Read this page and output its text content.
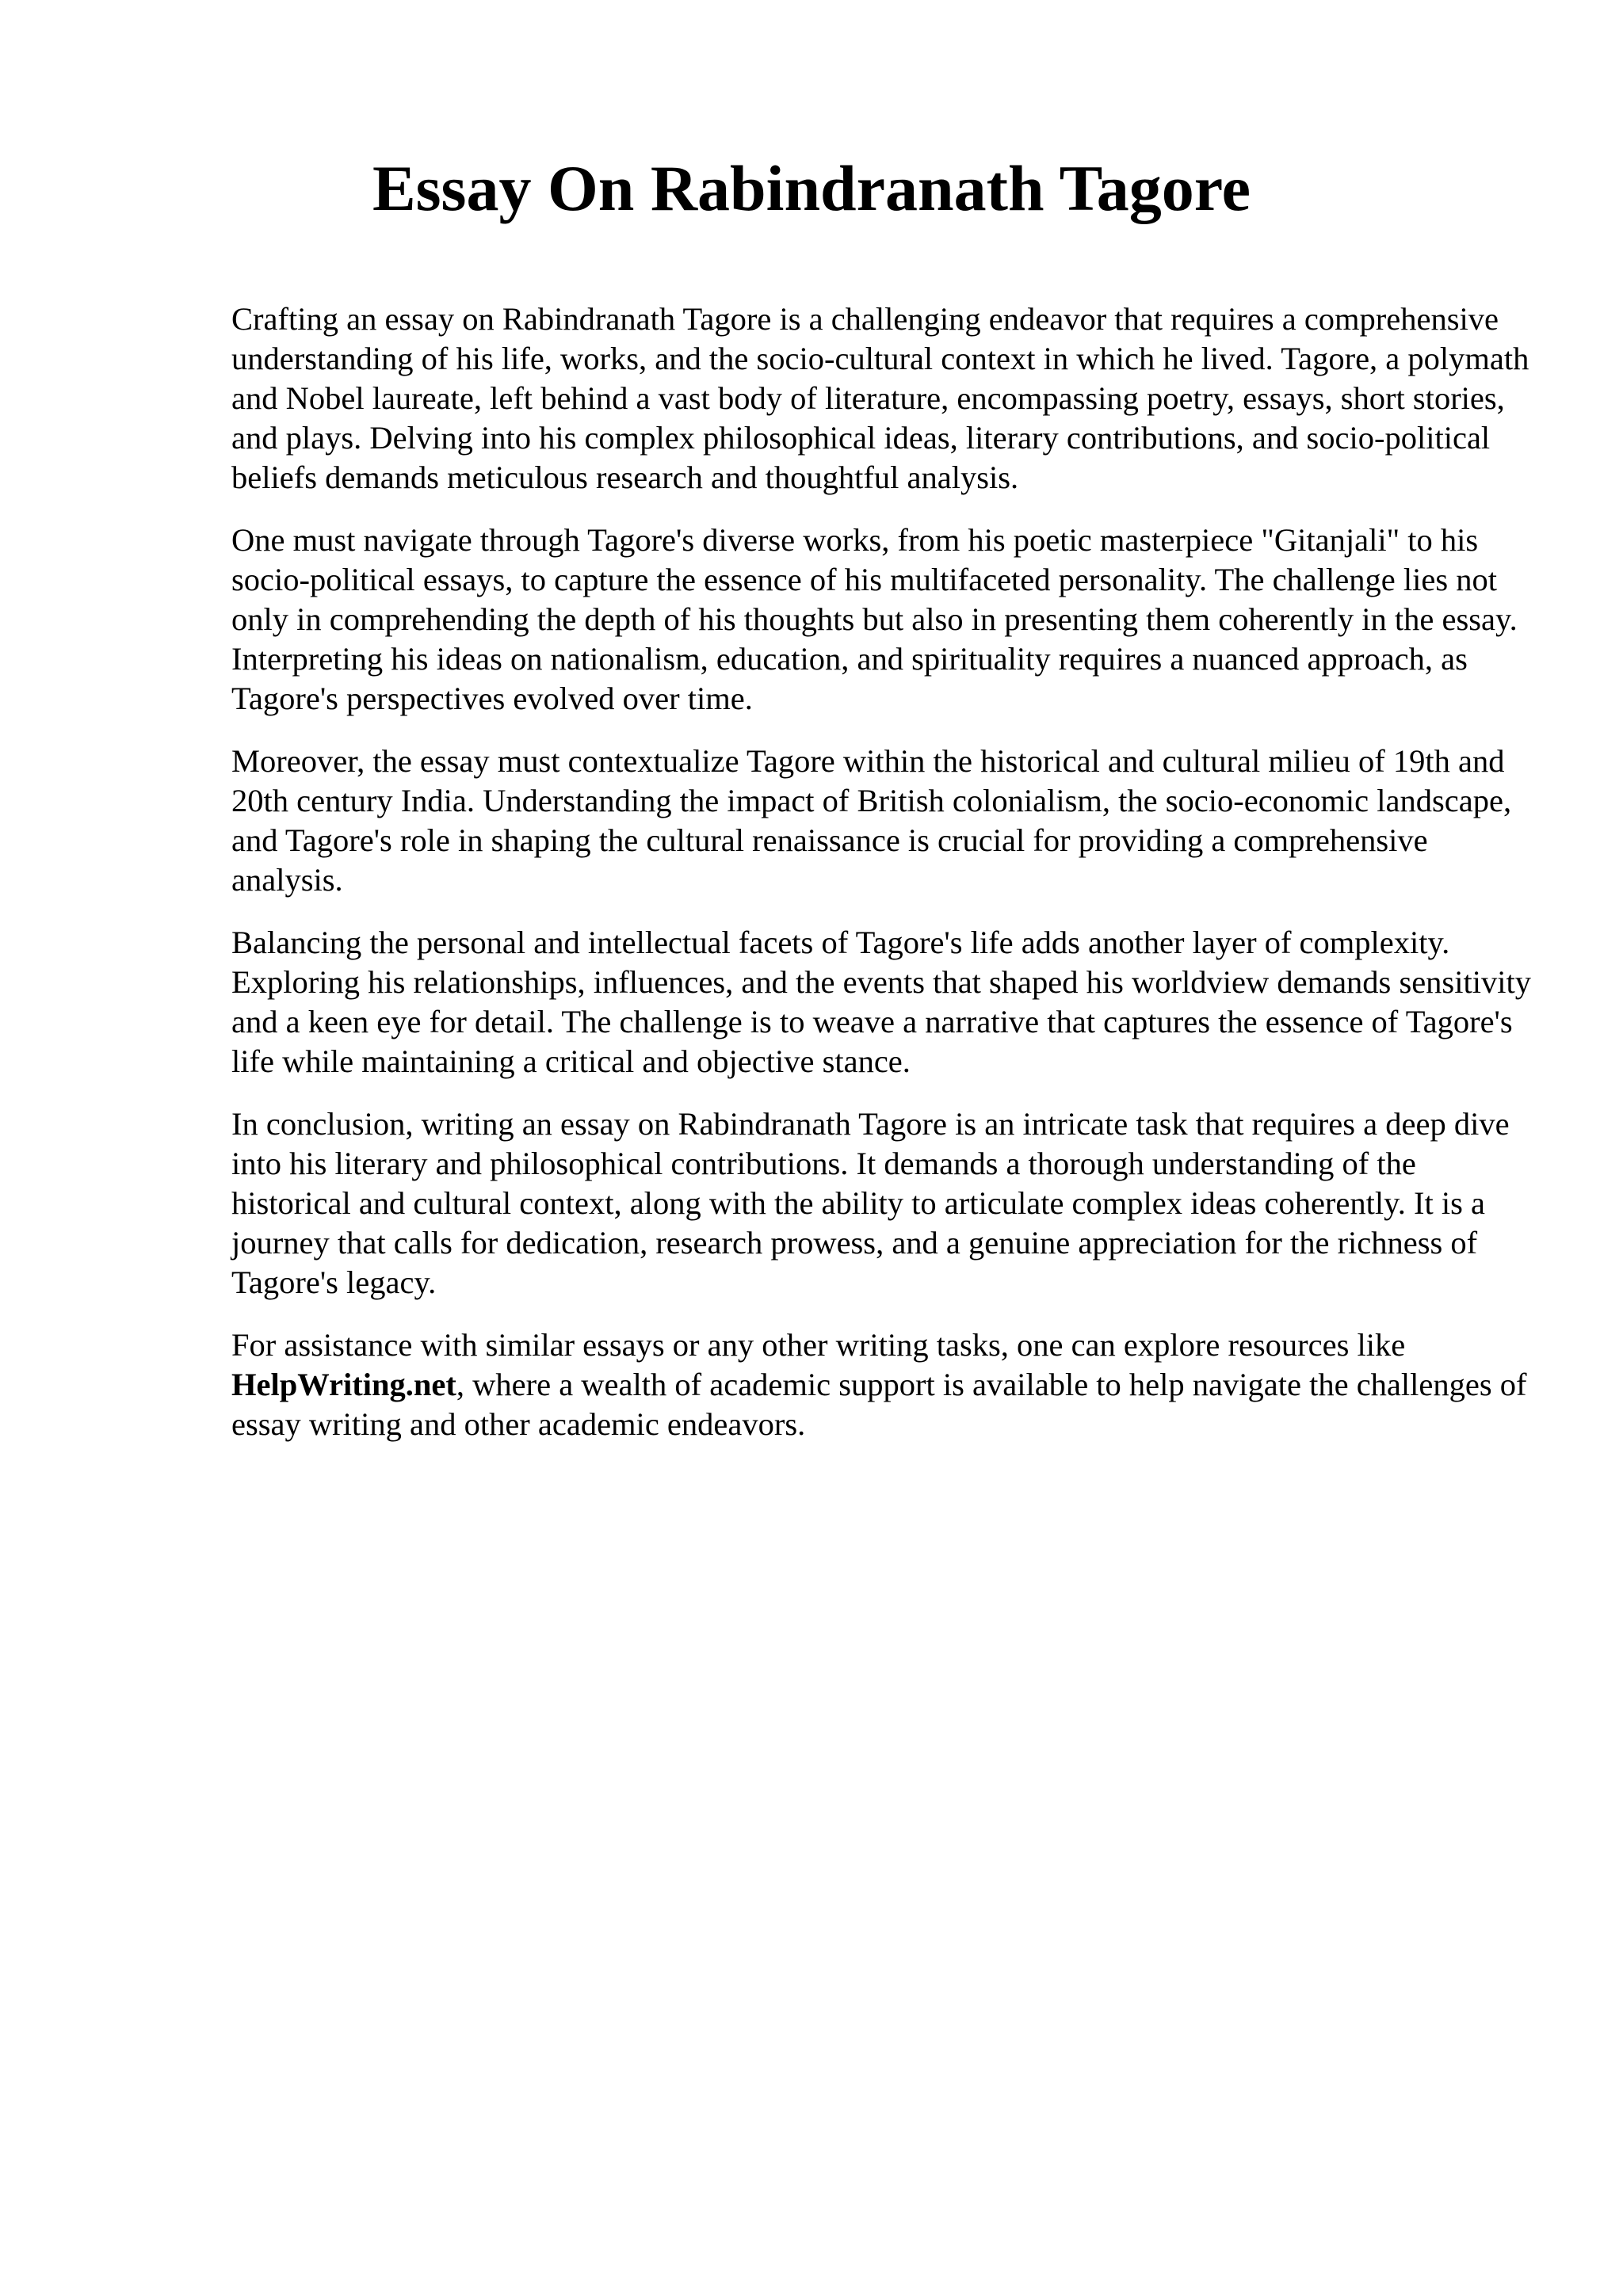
Essay On Rabindranath Tagore

Crafting an essay on Rabindranath Tagore is a challenging endeavor that requires a comprehensive understanding of his life, works, and the socio-cultural context in which he lived. Tagore, a polymath and Nobel laureate, left behind a vast body of literature, encompassing poetry, essays, short stories, and plays. Delving into his complex philosophical ideas, literary contributions, and socio-political beliefs demands meticulous research and thoughtful analysis.

One must navigate through Tagore's diverse works, from his poetic masterpiece "Gitanjali" to his socio-political essays, to capture the essence of his multifaceted personality. The challenge lies not only in comprehending the depth of his thoughts but also in presenting them coherently in the essay. Interpreting his ideas on nationalism, education, and spirituality requires a nuanced approach, as Tagore's perspectives evolved over time.

Moreover, the essay must contextualize Tagore within the historical and cultural milieu of 19th and 20th century India. Understanding the impact of British colonialism, the socio-economic landscape, and Tagore's role in shaping the cultural renaissance is crucial for providing a comprehensive analysis.

Balancing the personal and intellectual facets of Tagore's life adds another layer of complexity. Exploring his relationships, influences, and the events that shaped his worldview demands sensitivity and a keen eye for detail. The challenge is to weave a narrative that captures the essence of Tagore's life while maintaining a critical and objective stance.

In conclusion, writing an essay on Rabindranath Tagore is an intricate task that requires a deep dive into his literary and philosophical contributions. It demands a thorough understanding of the historical and cultural context, along with the ability to articulate complex ideas coherently. It is a journey that calls for dedication, research prowess, and a genuine appreciation for the richness of Tagore's legacy.

For assistance with similar essays or any other writing tasks, one can explore resources like HelpWriting.net, where a wealth of academic support is available to help navigate the challenges of essay writing and other academic endeavors.
